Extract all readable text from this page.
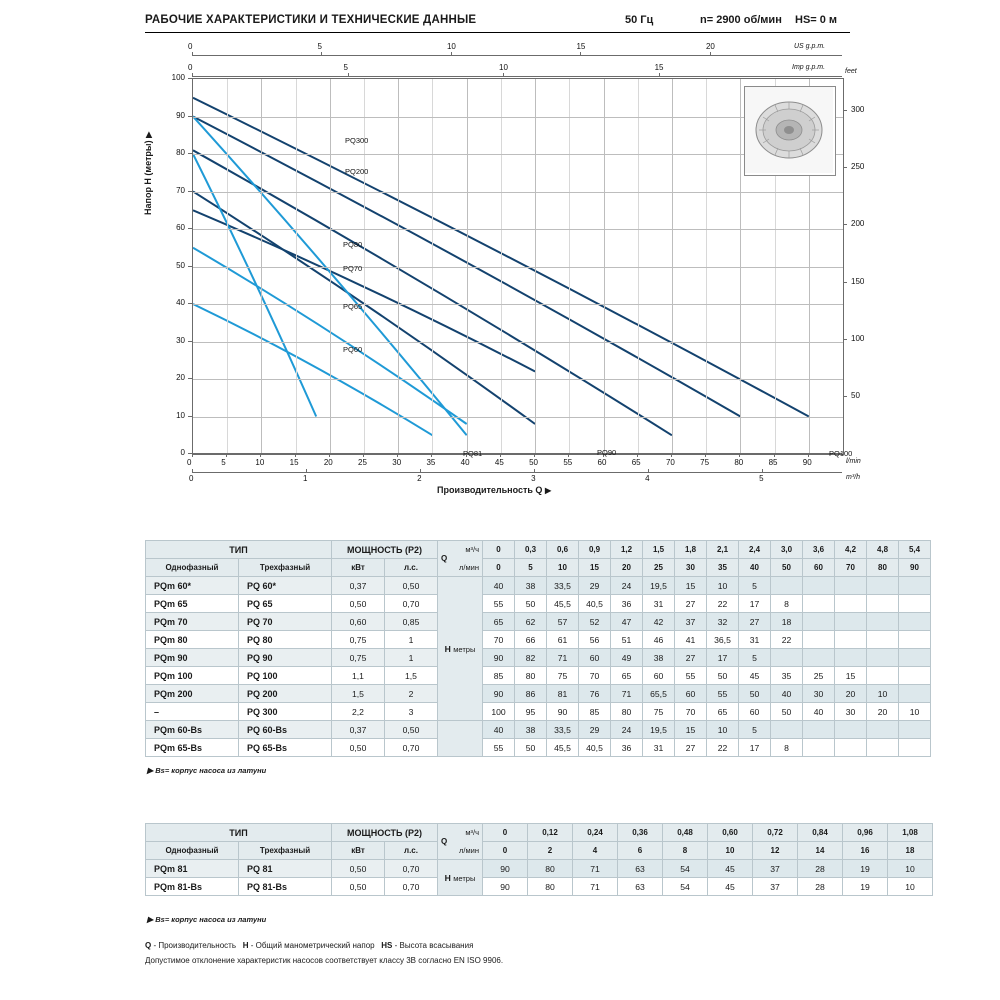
РАБОЧИЕ ХАРАКТЕРИСТИКИ И ТЕХНИЧЕСКИЕ ДАННЫЕ	50 Гц	n= 2900 об/мин HS= 0 м
0	5	10	15	20	US g.p.m.
0	5	10	15	Imp g.p.m.
0
10
20
30
40
50
60
70
80
90
100
Напор H (метры) ▶
50
100
150
200
250
300
feet
Производительность Q ▶
0	5	10	15	20	25	30	35	40	45	50	55	60	65	70	75	80	85	90	l/min
0	1	2	3	4	5	m³/h
PQ300
PQ200
PQ100
PQ80
PQ70
PQ90
PQ65
PQ60
PQ81
ТИП		МОЩНОСТЬ (P2)		м³/ч
Q
л/мин	0	0,3	0,6	0,9	1,2	1,5	1,8	2,1	2,4	3,0	3,6	4,2	4,8	5,4
Однофазный	Трехфазный	кВт	л.с.		0	5	10	15	20	25	30	35	40	50	60	70	80	90
PQm 60*	PQ 60*	0,37	0,50	H метры	40	38	33,5	29	24	19,5	15	10	5					
PQm 65	PQ 65	0,50	0,70		55	50	45,5	40,5	36	31	27	22	17	8				
PQm 70	PQ 70	0,60	0,85		65	62	57	52	47	42	37	32	27	18				
PQm 80	PQ 80	0,75	1		70	66	61	56	51	46	41	36,5	31	22				
PQm 90	PQ 90	0,75	1		90	82	71	60	49	38	27	17	5					
PQm 100	PQ 100	1,1	1,5		85	80	75	70	65	60	55	50	45	35	25	15		
PQm 200	PQ 200	1,5	2		90	86	81	76	71	65,5	60	55	50	40	30	20	10	
–	PQ 300	2,2	3		100	95	90	85	80	75	70	65	60	50	40	30	20	10
PQm 60-Bs	PQ 60-Bs	0,37	0,50		40	38	33,5	29	24	19,5	15	10	5					
PQm 65-Bs	PQ 65-Bs	0,50	0,70		55	50	45,5	40,5	36	31	27	22	17	8				
▶ Bs= корпус насоса из латуни
ТИП		МОЩНОСТЬ (P2)		м³/ч
Q
л/мин	0	0,12	0,24	0,36	0,48	0,60	0,72	0,84	0,96	1,08
Однофазный	Трехфазный	кВт	л.с.		0	2	4	6	8	10	12	14	16	18
PQm 81	PQ 81	0,50	0,70	H метры	90	80	71	63	54	45	37	28	19	10
PQm 81-Bs	PQ 81-Bs	0,50	0,70		90	80	71	63	54	45	37	28	19	10
▶ Bs= корпус насоса из латуни
Q - Производительность H - Общий манометрический напор HS - Высота всасывания
Допустимое отклонение характеристик насосов соответствует классу 3B согласно EN ISO 9906.
